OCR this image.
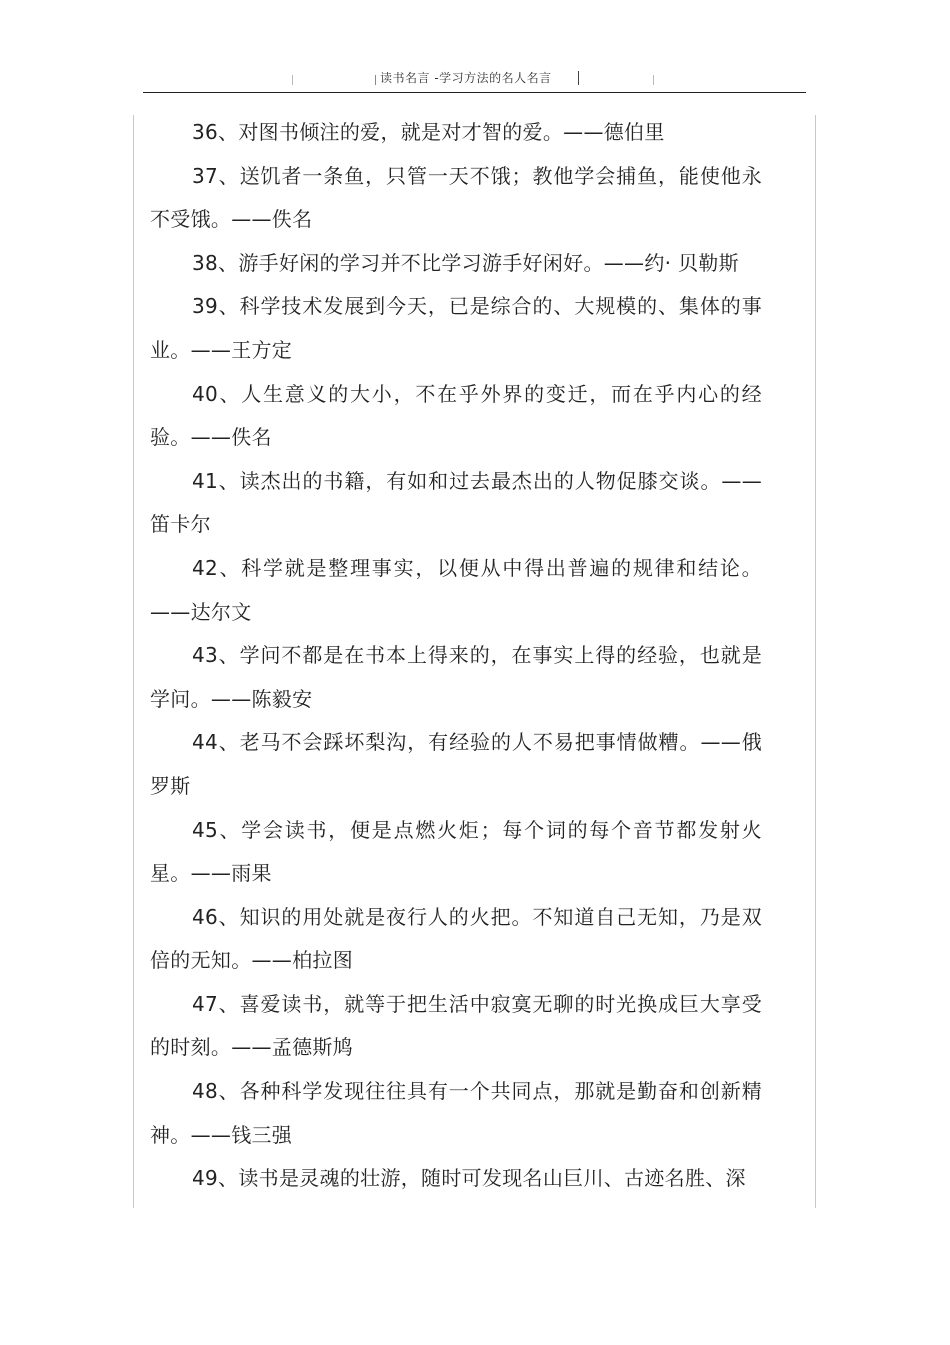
读书名言 -学习方法的名人名言

36、对图书倾注的爱，就是对才智的爱。——德伯里

37、送饥者一条鱼，只管一天不饿；教他学会捕鱼，能使他永不受饿。——佚名

38、游手好闲的学习并不比学习游手好闲好。——约· 贝勒斯

39、科学技术发展到今天，已是综合的、大规模的、集体的事业。——王方定

40、人生意义的大小，不在乎外界的变迁，而在乎内心的经验。——佚名

41、读杰出的书籍，有如和过去最杰出的人物促膝交谈。——笛卡尔

42、科学就是整理事实，以便从中得出普遍的规律和结论。——达尔文

43、学问不都是在书本上得来的，在事实上得的经验，也就是学问。——陈毅安

44、老马不会踩坏梨沟，有经验的人不易把事情做糟。——俄罗斯

45、学会读书，便是点燃火炬；每个词的每个音节都发射火星。——雨果

46、知识的用处就是夜行人的火把。不知道自己无知，乃是双倍的无知。——柏拉图

47、喜爱读书，就等于把生活中寂寞无聊的时光换成巨大享受的时刻。——孟德斯鸠

48、各种科学发现往往具有一个共同点，那就是勤奋和创新精神。——钱三强

49、读书是灵魂的壮游，随时可发现名山巨川、古迹名胜、深
